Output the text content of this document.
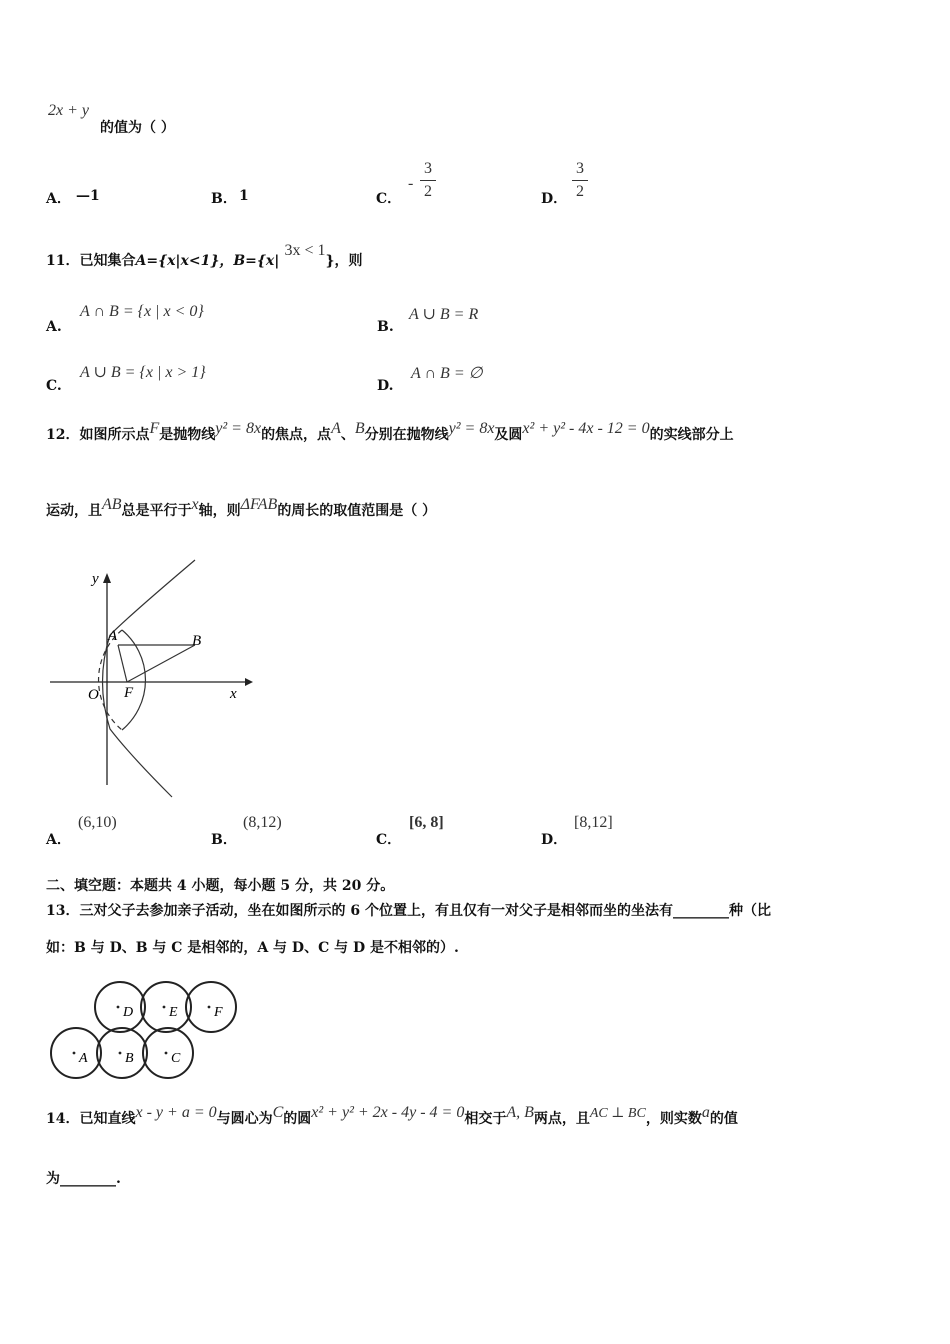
2x + y
的值为（ ）
A． —1	B． 1	C．
-
3
2	D．
3
2
11．已知集合A={x|x<1}，B={x| 3x < 1}，则
A.
A ∩ B = {x | x < 0}
B.
A ∪ B = R
C.
A ∪ B = {x | x > 1}
D.
A ∩ B = ∅
12．如图所示点F是抛物线y² = 8x的焦点，点A、B分别在抛物线y² = 8x及圆x² + y² - 4x - 12 = 0的实线部分上
运动，且AB总是平行于x轴，则ΔFAB的周长的取值范围是（ ）
y
x
O F
A	B
A．
(6,10)
B．
(8,12)
C．
[6, 8]
D．
[8,12]
二、填空题：本题共 4 小题，每小题 5 分，共 20 分。
13．三对父子去参加亲子活动，坐在如图所示的 6 个位置上，有且仅有一对父子是相邻而坐的坐法有________种（比
如：B 与 D、B 与 C 是相邻的，A 与 D、C 与 D 是不相邻的）.
D	E	F
A	B	C
14．已知直线x - y + a = 0与圆心为C的圆x² + y² + 2x - 4y - 4 = 0相交于A, B两点，且AC ⊥ BC，则实数a的值
为________.
